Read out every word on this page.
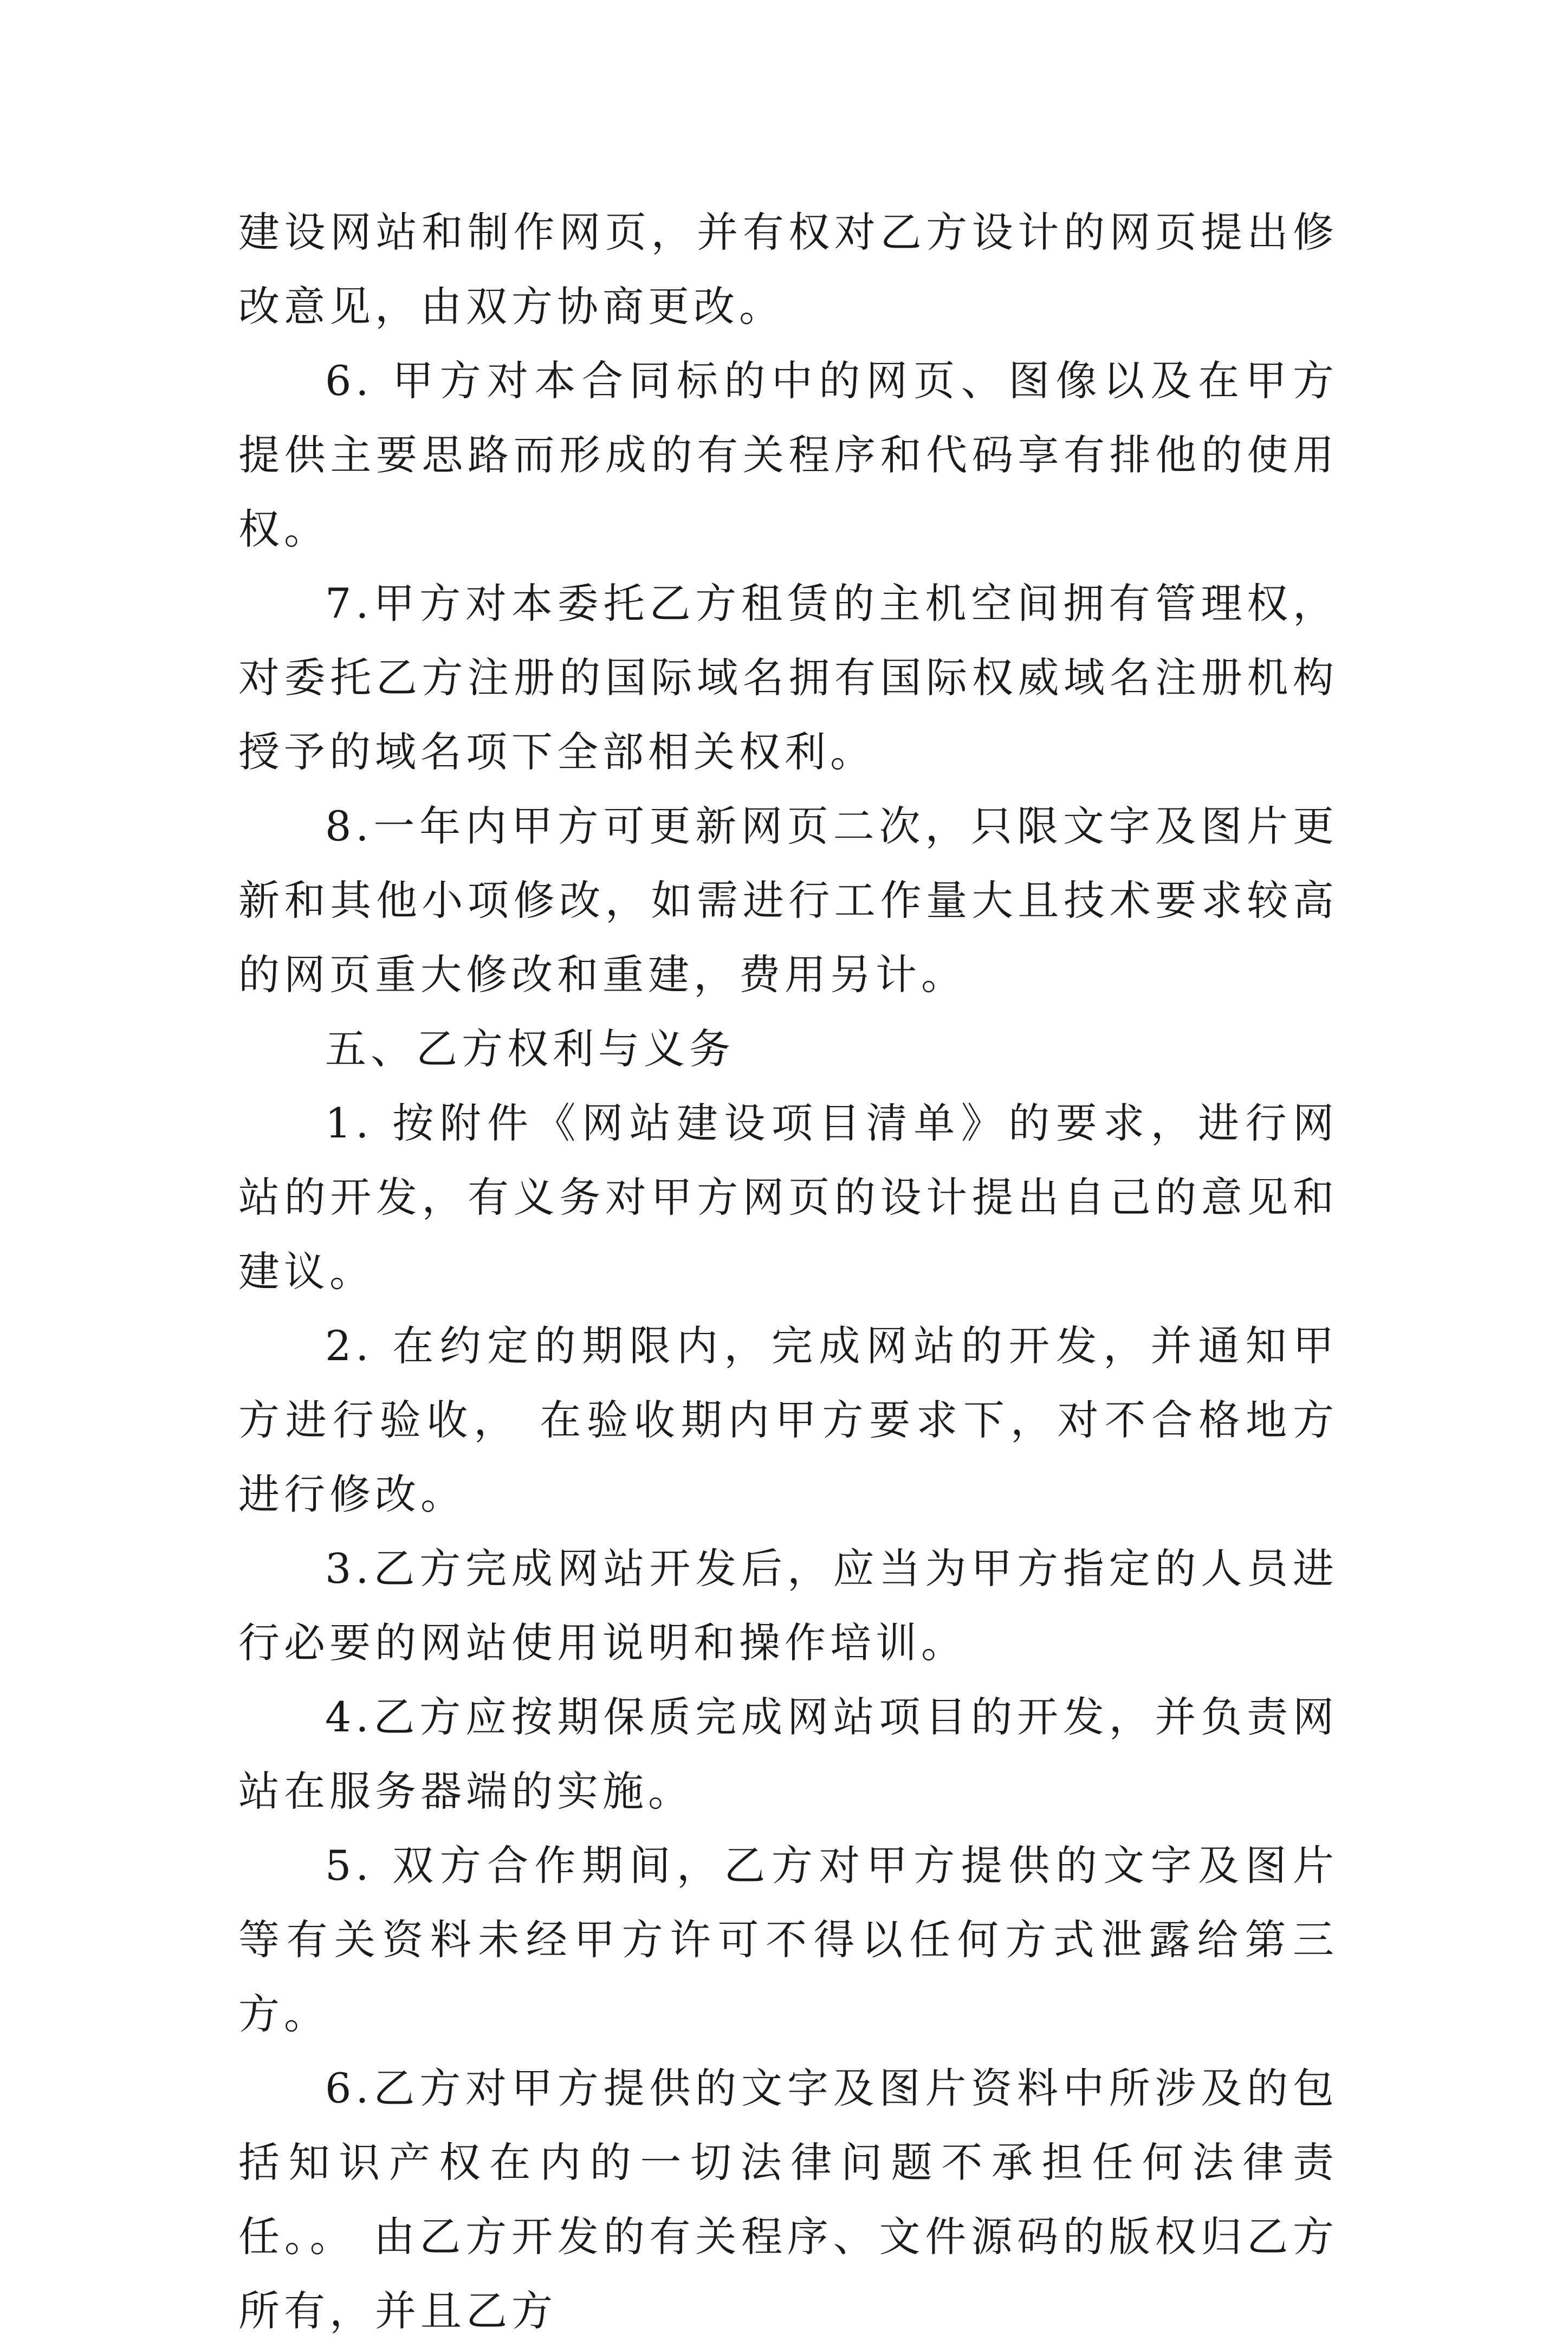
建设网站和制作网页，并有权对乙方设计的网页提出修改意见，由双方协商更改。

6. 甲方对本合同标的中的网页、图像以及在甲方提供主要思路而形成的有关程序和代码享有排他的使用权。

7.甲方对本委托乙方租赁的主机空间拥有管理权，对委托乙方注册的国际域名拥有国际权威域名注册机构授予的域名项下全部相关权利。

8.一年内甲方可更新网页二次，只限文字及图片更新和其他小项修改，如需进行工作量大且技术要求较高的网页重大修改和重建，费用另计。

五、乙方权利与义务

1. 按附件《网站建设项目清单》的要求，进行网站的开发，有义务对甲方网页的设计提出自己的意见和建议。

2. 在约定的期限内，完成网站的开发，并通知甲方进行验收， 在验收期内甲方要求下，对不合格地方进行修改。

3.乙方完成网站开发后，应当为甲方指定的人员进行必要的网站使用说明和操作培训。

4.乙方应按期保质完成网站项目的开发，并负责网站在服务器端的实施。

5. 双方合作期间，乙方对甲方提供的文字及图片等有关资料未经甲方许可不得以任何方式泄露给第三方。

6.乙方对甲方提供的文字及图片资料中所涉及的包括知识产权在内的一切法律问题不承担任何法律责任。。 由乙方开发的有关程序、文件源码的版权归乙方所有，并且乙方
